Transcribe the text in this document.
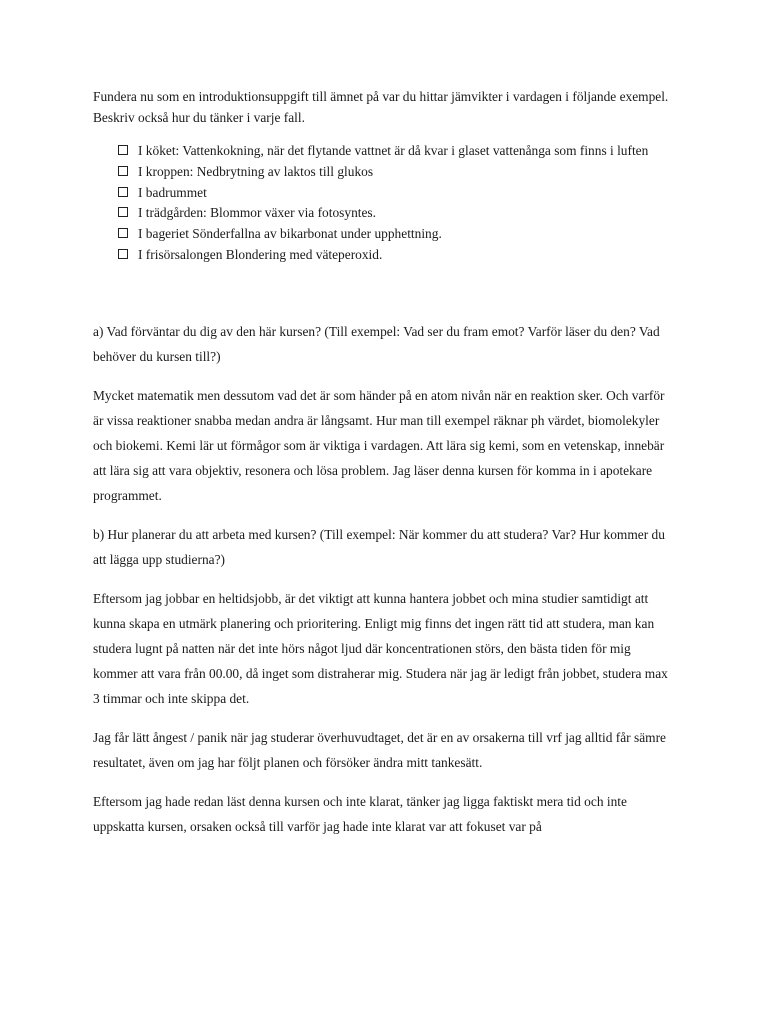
Fundera nu som en introduktionsuppgift till ämnet på var du hittar jämvikter i vardagen i följande exempel. Beskriv också hur du tänker i varje fall.

I köket: Vattenkokning, när det flytande vattnet är då kvar i glaset vattenånga som finns i luften
I kroppen: Nedbrytning av laktos till glukos
I badrummet
I trädgården: Blommor växer via fotosyntes.
I bageriet Sönderfallna av bikarbonat under upphettning.
I frisörsalongen Blondering med väteperoxid.

a) Vad förväntar du dig av den här kursen? (Till exempel: Vad ser du fram emot? Varför läser du den? Vad behöver du kursen till?)

Mycket matematik men dessutom vad det är som händer på en atom nivån när en reaktion sker. Och varför är vissa reaktioner snabba medan andra är långsamt. Hur man till exempel räknar ph värdet, biomolekyler och biokemi. Kemi lär ut förmågor som är viktiga i vardagen. Att lära sig kemi, som en vetenskap, innebär att lära sig att vara objektiv, resonera och lösa problem. Jag läser denna kursen för komma in i apotekare programmet.

b) Hur planerar du att arbeta med kursen? (Till exempel: När kommer du att studera? Var? Hur kommer du att lägga upp studierna?)

Eftersom jag jobbar en heltidsjobb, är det viktigt att kunna hantera jobbet och mina studier samtidigt att kunna skapa en utmärk planering och prioritering. Enligt mig finns det ingen rätt tid att studera, man kan studera lugnt på natten när det inte hörs något ljud där koncentrationen störs, den bästa tiden för mig kommer att vara från 00.00, då inget som distraherar mig. Studera när jag är ledigt från jobbet, studera max 3 timmar och inte skippa det.

Jag får lätt ångest / panik när jag studerar överhuvudtaget, det är en av orsakerna till vrf jag alltid får sämre resultatet, även om jag har följt planen och försöker ändra mitt tankesätt.

Eftersom jag hade redan läst denna kursen och inte klarat, tänker jag ligga faktiskt mera tid och inte uppskatta kursen, orsaken också till varför jag hade inte klarat var att fokuset var på
